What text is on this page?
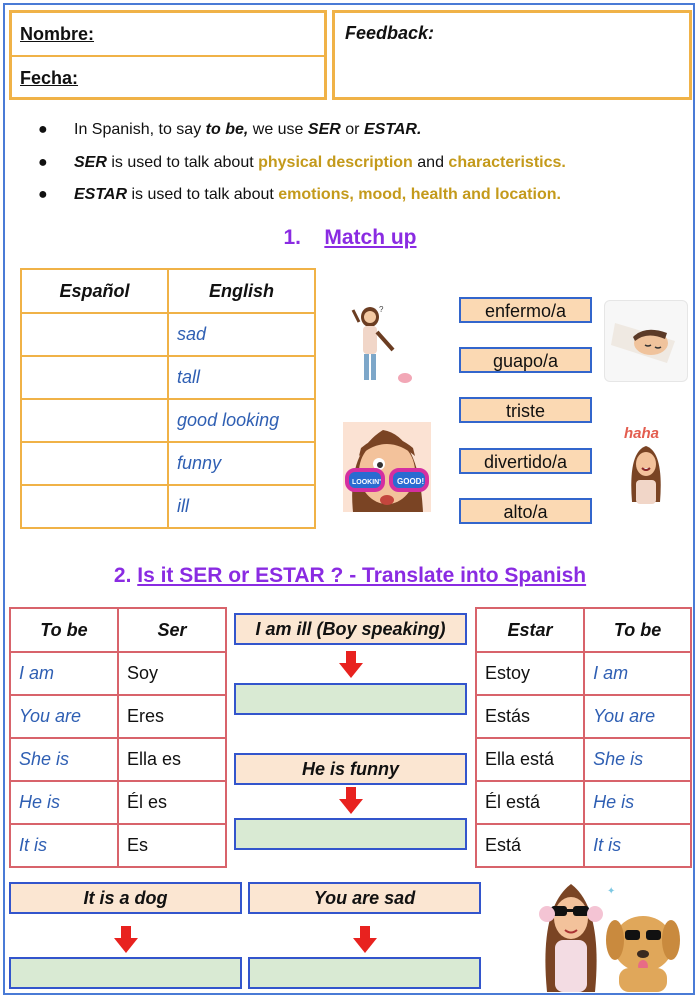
Nombre:
Fecha:
Feedback:
● In Spanish, to say to be, we use SER or ESTAR.
● SER is used to talk about physical description and characteristics.
● ESTAR is used to talk about emotions, mood, health and location.
1. Match up
Español	English
	sad
	tall
	good looking
	funny
	ill
enfermo/a
guapo/a
triste
divertido/a
alto/a
?
LOOKIN' GOOD!
haha
2. Is it SER or ESTAR ? - Translate into Spanish
To be	Ser
I am	Soy
You are	Eres
She is	Ella es
He is	Él es
It is	Es
Estar	To be
Estoy	I am
Estás	You are
Ella está	She is
Él está	He is
Está	It is
I am ill (Boy speaking)
He is funny
It is a dog	You are sad	✦
